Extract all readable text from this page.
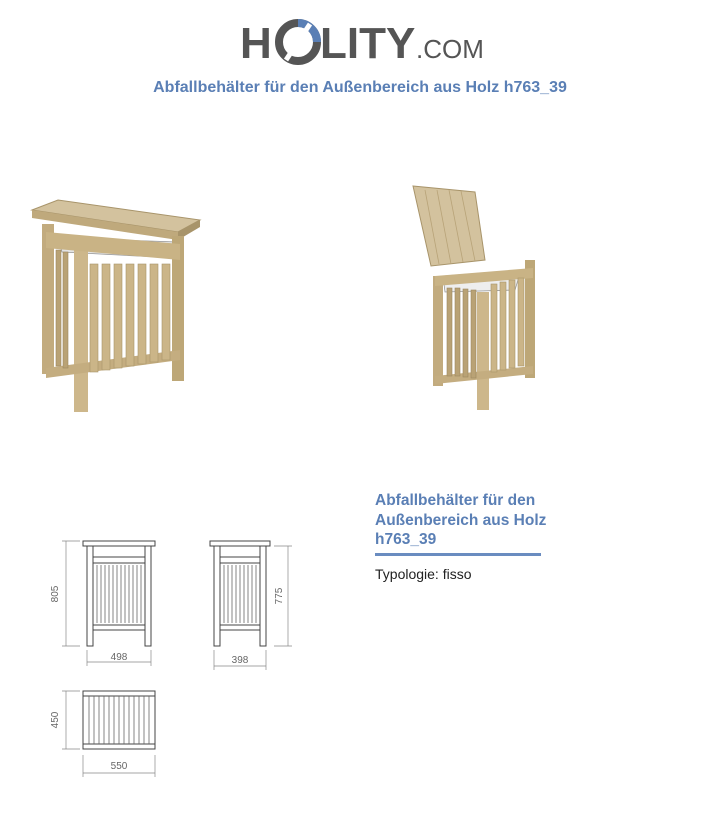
H LITY .COM
Abfallbehälter für den Außenbereich aus Holz h763_39
Abfallbehälter für den Außenbereich aus Holz h763_39
Typologie: fisso
805
498
775
398
450
550
